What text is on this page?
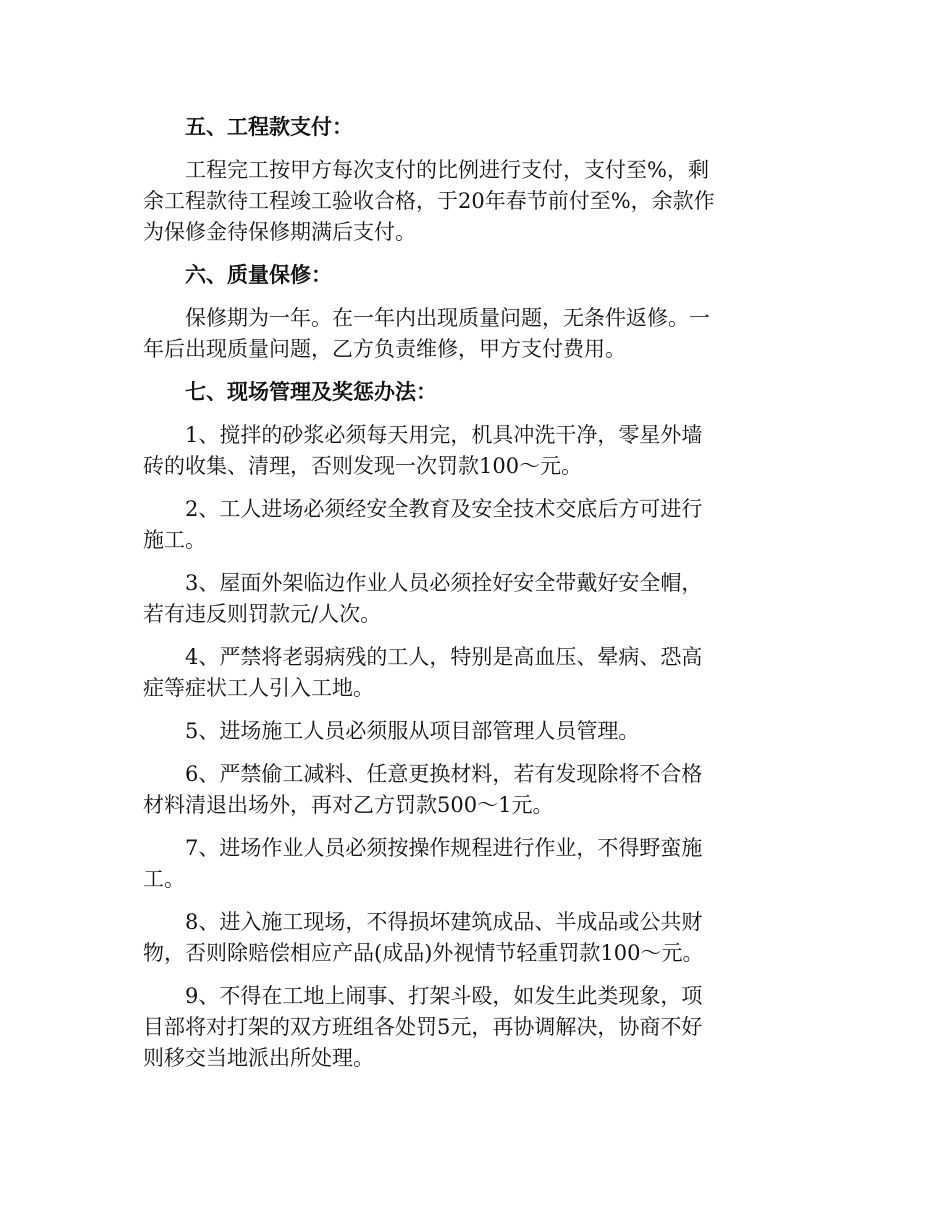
五、工程款支付：
工程完工按甲方每次支付的比例进行支付，支付至%，剩
余工程款待工程竣工验收合格，于20年春节前付至%，余款作
为保修金待保修期满后支付。
六、质量保修：
保修期为一年。在一年内出现质量问题，无条件返修。一
年后出现质量问题，乙方负责维修，甲方支付费用。
七、现场管理及奖惩办法：
1、搅拌的砂浆必须每天用完，机具冲洗干净，零星外墙
砖的收集、清理，否则发现一次罚款100～元。
2、工人进场必须经安全教育及安全技术交底后方可进行
施工。
3、屋面外架临边作业人员必须拴好安全带戴好安全帽，
若有违反则罚款元/人次。
4、严禁将老弱病残的工人，特别是高血压、晕病、恐高
症等症状工人引入工地。
5、进场施工人员必须服从项目部管理人员管理。
6、严禁偷工减料、任意更换材料，若有发现除将不合格
材料清退出场外，再对乙方罚款500～1元。
7、进场作业人员必须按操作规程进行作业，不得野蛮施
工。
8、进入施工现场，不得损坏建筑成品、半成品或公共财
物，否则除赔偿相应产品(成品)外视情节轻重罚款100～元。
9、不得在工地上闹事、打架斗殴，如发生此类现象，项
目部将对打架的双方班组各处罚5元，再协调解决，协商不好
则移交当地派出所处理。
